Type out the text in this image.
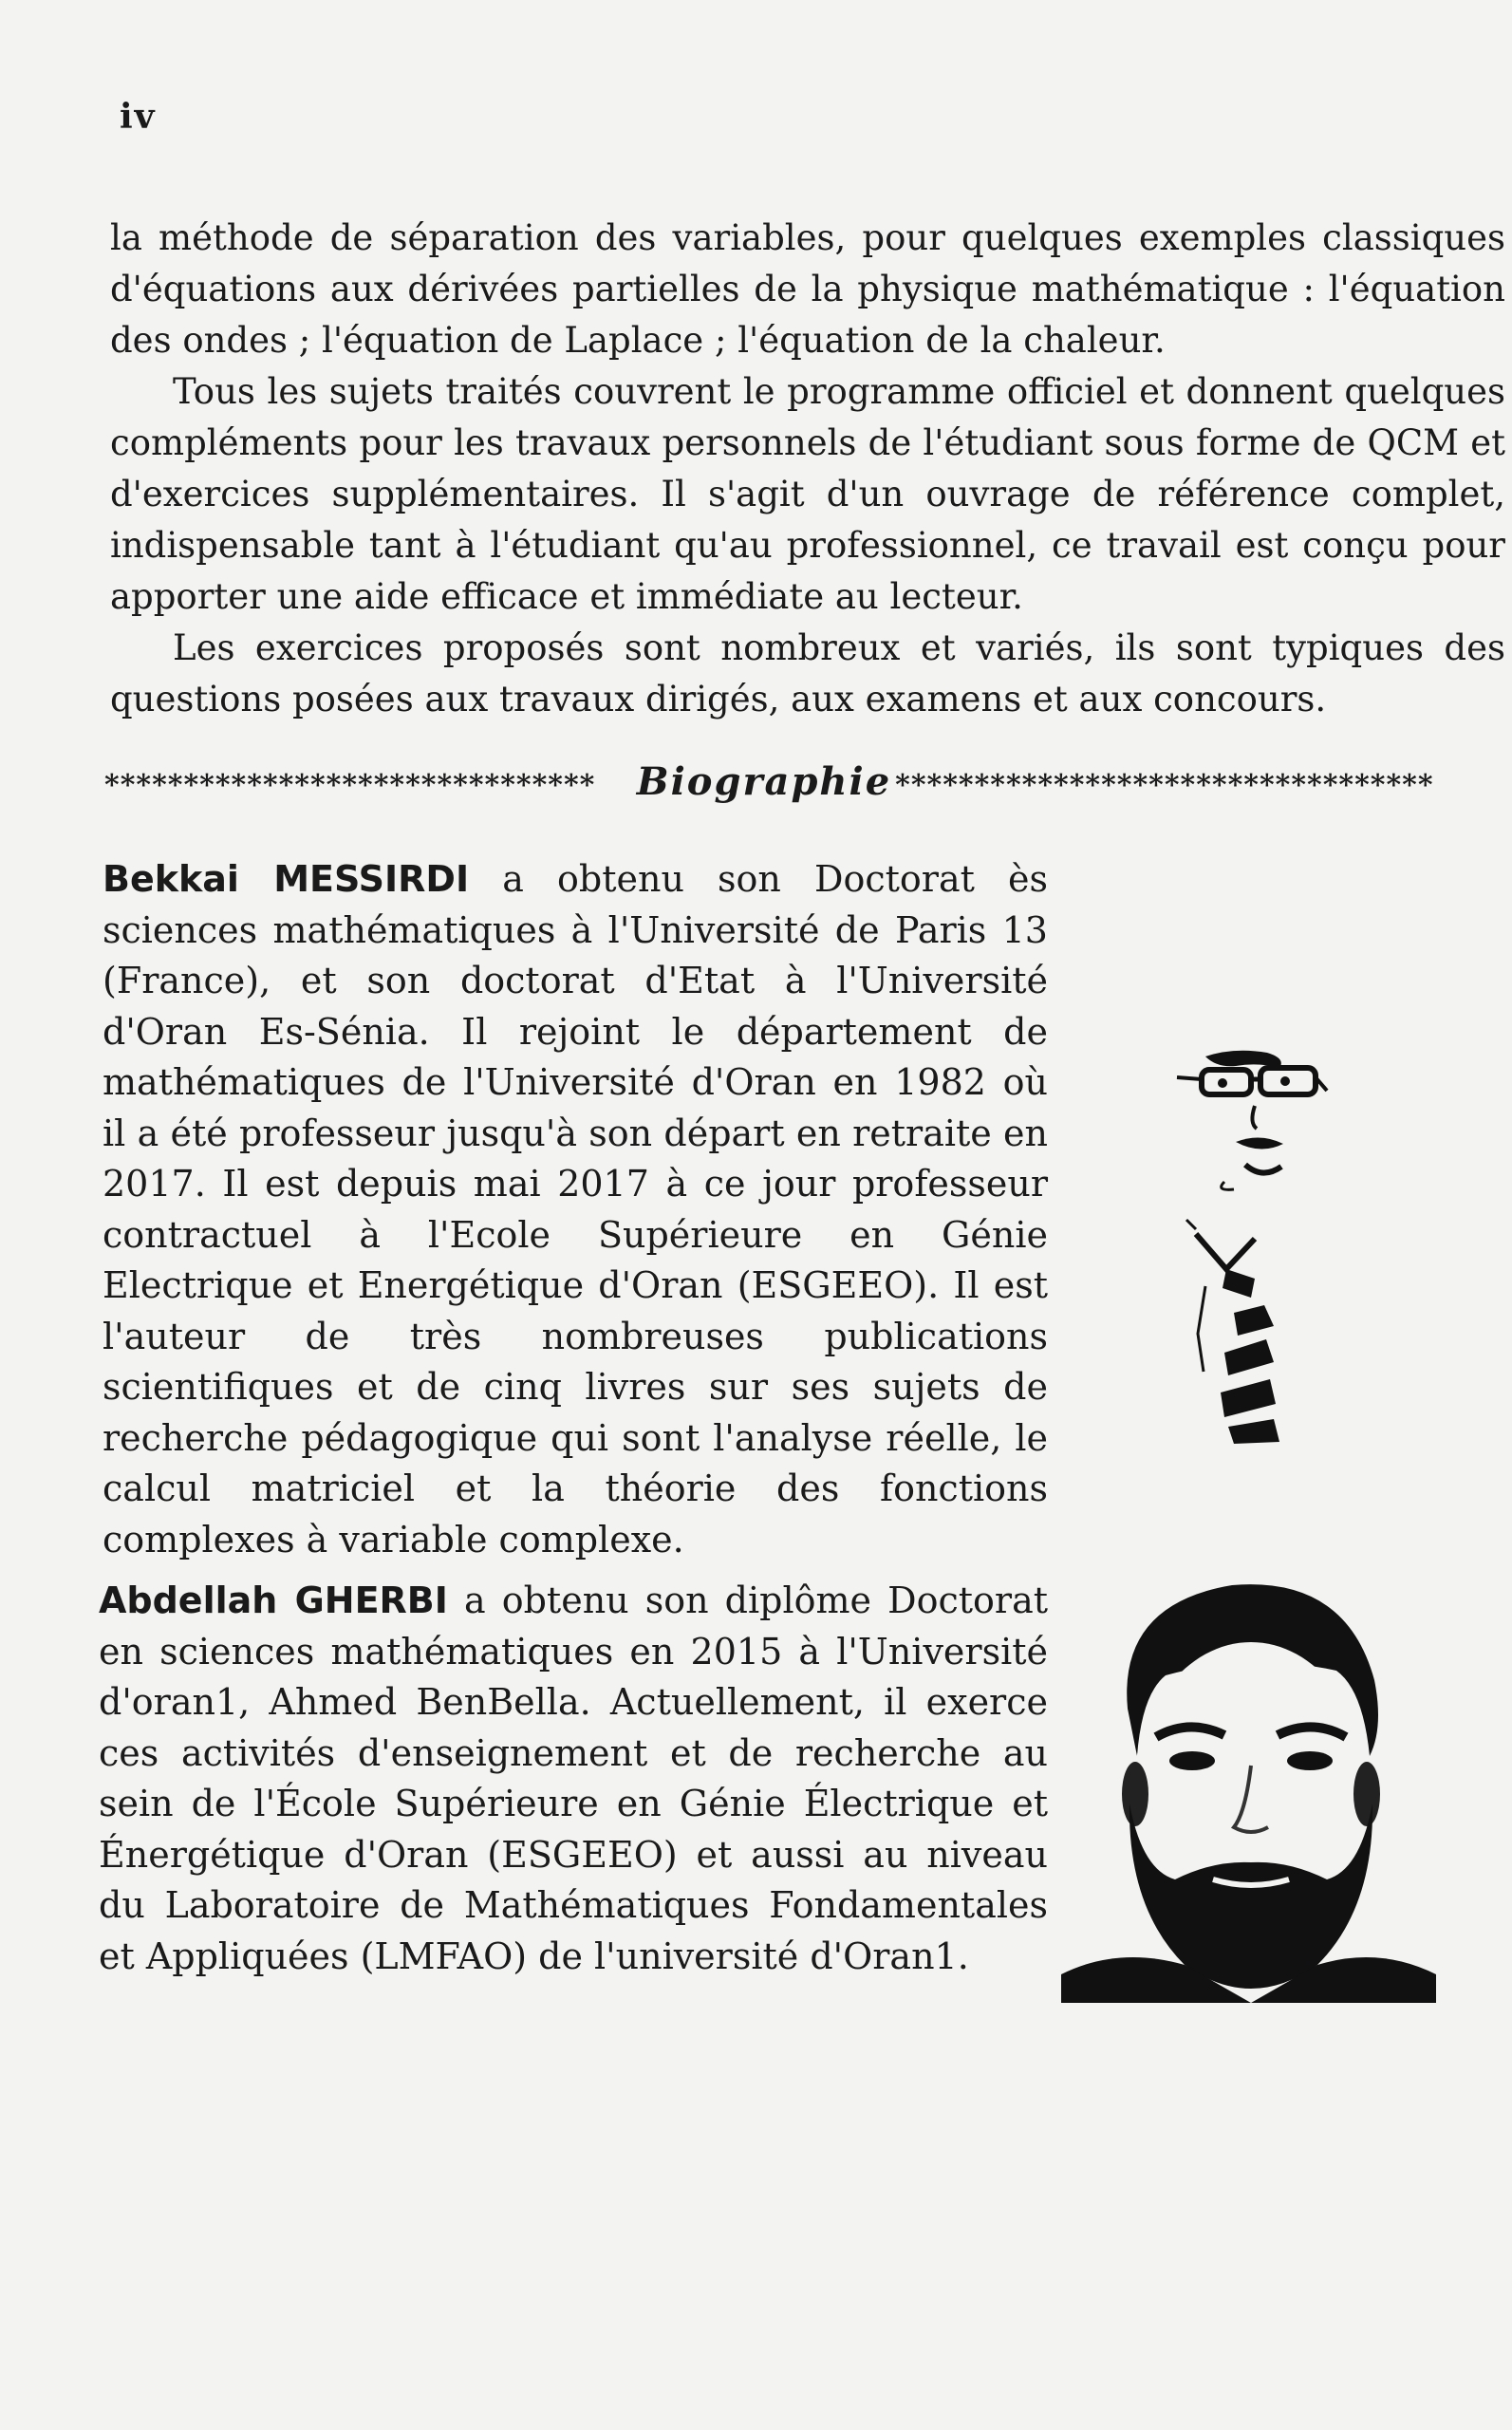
iv

la méthode de séparation des variables, pour quelques exemples classiques d'équations aux dérivées partielles de la physique mathématique : l'équation des ondes ; l'équation de Laplace ; l'équation de la chaleur.

Tous les sujets traités couvrent le programme officiel et donnent quelques compléments pour les travaux personnels de l'étudiant sous forme de QCM et d'exercices supplémentaires. Il s'agit d'un ouvrage de référence complet, indispensable tant à l'étudiant qu'au professionnel, ce travail est conçu pour apporter une aide efficace et immédiate au lecteur.

Les exercices proposés sont nombreux et variés, ils sont typiques des questions posées aux travaux dirigés, aux examens et aux concours.

*******************************	Biographie **********************************
Bekkai MESSIRDI a obtenu son Doctorat ès sciences mathématiques à l'Université de Paris 13 (France), et son doctorat d'Etat à l'Université d'Oran Es-Sénia. Il rejoint le département de mathématiques de l'Université d'Oran en 1982 où il a été professeur jusqu'à son départ en retraite en 2017. Il est depuis mai 2017 à ce jour professeur contractuel à l'Ecole Supérieure en Génie Electrique et Energétique d'Oran (ESGEEO). Il est l'auteur de très nombreuses publications scientifiques et de cinq livres sur ses sujets de recherche pédagogique qui sont l'analyse réelle, le calcul matriciel et la théorie des fonctions complexes à variable complexe.
Abdellah GHERBI a obtenu son diplôme Doctorat en sciences mathématiques en 2015 à l'Université d'oran1, Ahmed BenBella. Actuellement, il exerce ces activités d'enseignement et de recherche au sein de l'École Supérieure en Génie Électrique et Énergétique d'Oran (ESGEEO) et aussi au niveau du Laboratoire de Mathématiques Fondamentales et Appliquées (LMFAO) de l'université d'Oran1.
